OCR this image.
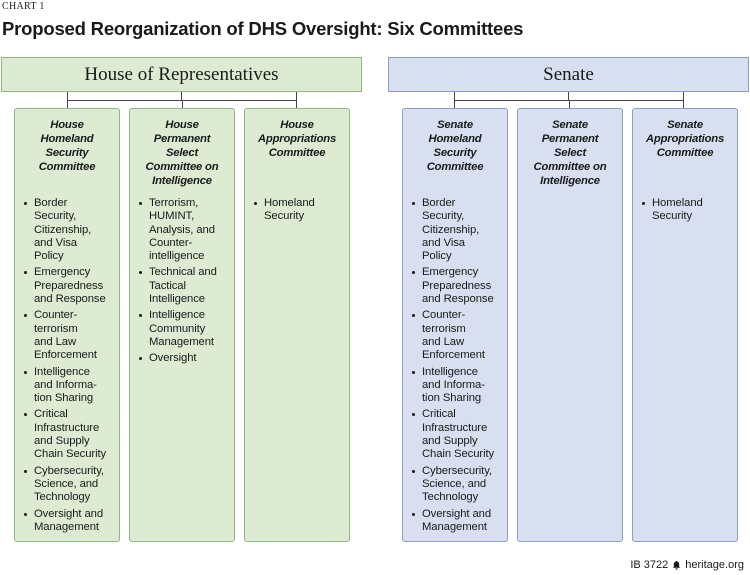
CHART 1
Proposed Reorganization of DHS Oversight: Six Committees
House of Representatives	Senate
House
Homeland
Security
Committee
Border
Security,
Citizenship,
and Visa
Policy
Emergency
Preparedness
and Response
Counter-
terrorism
and Law
Enforcement
Intelligence
and Informa-
tion Sharing
Critical
Infrastructure
and Supply
Chain Security
Cybersecurity,
Science, and
Technology
Oversight and
Management
House
Permanent
Select
Committee on
Intelligence
Terrorism,
HUMINT,
Analysis, and
Counter-
intelligence
Technical and
Tactical
Intelligence
Intelligence
Community
Management
Oversight
House
Appropriations
Committee
Homeland
Security
Senate
Homeland
Security
Committee
Border
Security,
Citizenship,
and Visa
Policy
Emergency
Preparedness
and Response
Counter-
terrorism
and Law
Enforcement
Intelligence
and Informa-
tion Sharing
Critical
Infrastructure
and Supply
Chain Security
Cybersecurity,
Science, and
Technology
Oversight and
Management
Senate
Permanent
Select
Committee on
Intelligence
Senate
Appropriations
Committee
Homeland
Security
IB 3722 heritage.org
